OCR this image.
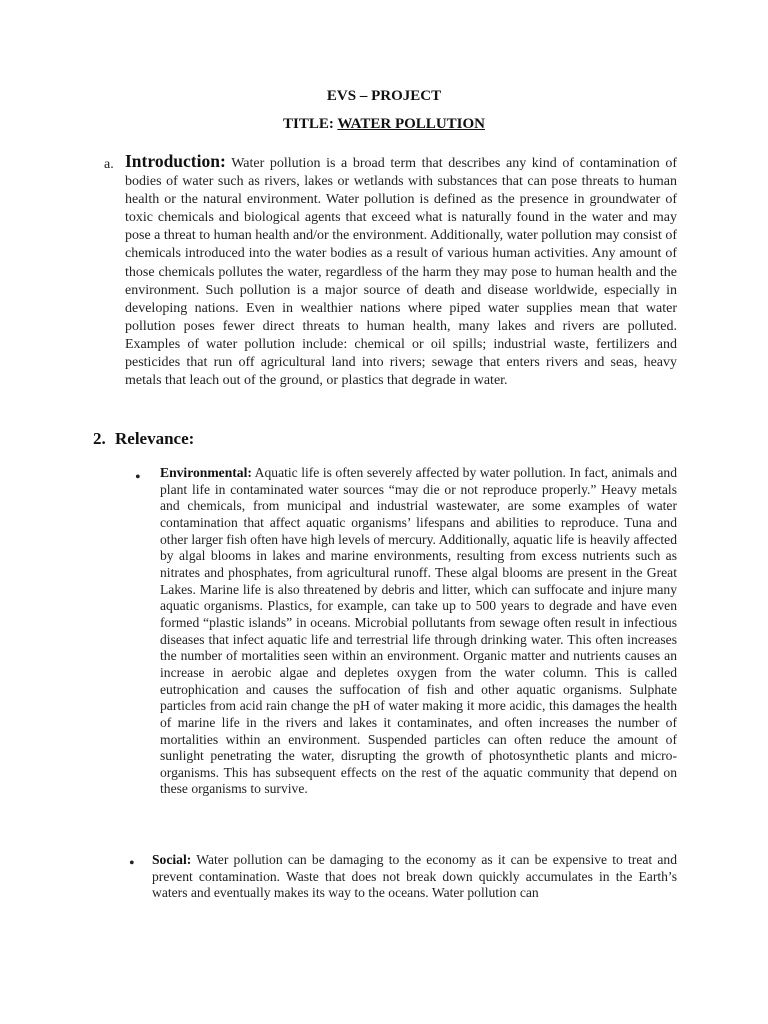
EVS – PROJECT
TITLE: WATER POLLUTION
a. Introduction: Water pollution is a broad term that describes any kind of contamination of bodies of water such as rivers, lakes or wetlands with substances that can pose threats to human health or the natural environment. Water pollution is defined as the presence in groundwater of toxic chemicals and biological agents that exceed what is naturally found in the water and may pose a threat to human health and/or the environment. Additionally, water pollution may consist of chemicals introduced into the water bodies as a result of various human activities. Any amount of those chemicals pollutes the water, regardless of the harm they may pose to human health and the environment. Such pollution is a major source of death and disease worldwide, especially in developing nations. Even in wealthier nations where piped water supplies mean that water pollution poses fewer direct threats to human health, many lakes and rivers are polluted. Examples of water pollution include: chemical or oil spills; industrial waste, fertilizers and pesticides that run off agricultural land into rivers; sewage that enters rivers and seas, heavy metals that leach out of the ground, or plastics that degrade in water.
2. Relevance:
• Environmental: Aquatic life is often severely affected by water pollution. In fact, animals and plant life in contaminated water sources “may die or not reproduce properly.” Heavy metals and chemicals, from municipal and industrial wastewater, are some examples of water contamination that affect aquatic organisms’ lifespans and abilities to reproduce. Tuna and other larger fish often have high levels of mercury. Additionally, aquatic life is heavily affected by algal blooms in lakes and marine environments, resulting from excess nutrients such as nitrates and phosphates, from agricultural runoff. These algal blooms are present in the Great Lakes. Marine life is also threatened by debris and litter, which can suffocate and injure many aquatic organisms. Plastics, for example, can take up to 500 years to degrade and have even formed “plastic islands” in oceans. Microbial pollutants from sewage often result in infectious diseases that infect aquatic life and terrestrial life through drinking water. This often increases the number of mortalities seen within an environment. Organic matter and nutrients causes an increase in aerobic algae and depletes oxygen from the water column. This is called eutrophication and causes the suffocation of fish and other aquatic organisms. Sulphate particles from acid rain change the pH of water making it more acidic, this damages the health of marine life in the rivers and lakes it contaminates, and often increases the number of mortalities within an environment. Suspended particles can often reduce the amount of sunlight penetrating the water, disrupting the growth of photosynthetic plants and micro-organisms. This has subsequent effects on the rest of the aquatic community that depend on these organisms to survive.
• Social: Water pollution can be damaging to the economy as it can be expensive to treat and prevent contamination. Waste that does not break down quickly accumulates in the Earth’s waters and eventually makes its way to the oceans. Water pollution can
